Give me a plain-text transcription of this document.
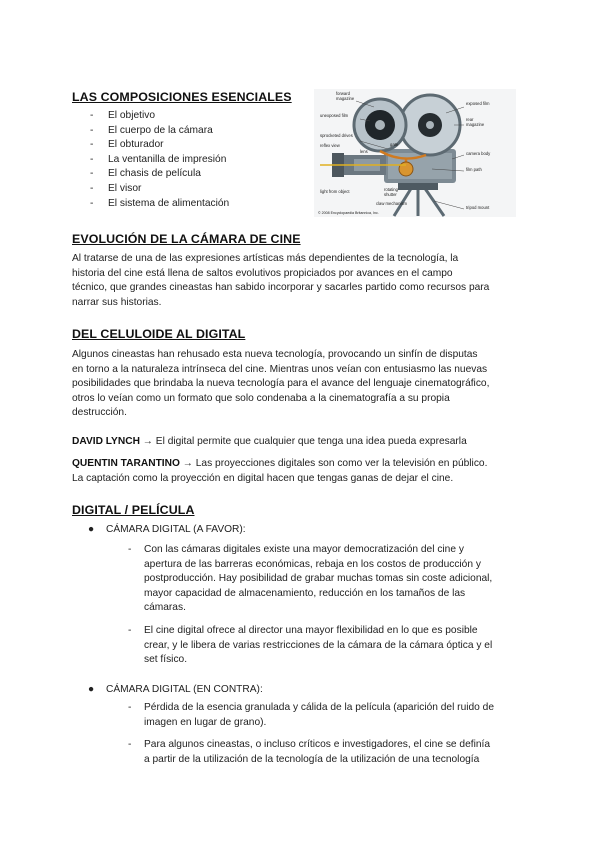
LAS COMPOSICIONES ESENCIALES
- El objetivo
- El cuerpo de la cámara
- El obturador
- La ventanilla de impresión
- El chasis de película
- El visor
- El sistema de alimentación
forward magazine
exposed film
rear magazine
unexposed film
sprocketed drives
reflex view
lens
gate
camera body
film path
rotating shutter
light from object
claw mechanism
tripod mount
© 2008 Encyclopaedia Britannica, Inc.
EVOLUCIÓN DE LA CÁMARA DE CINE
Al tratarse de una de las expresiones artísticas más dependientes de la tecnología, la
historia del cine está llena de saltos evolutivos propiciados por avances en el campo
técnico, que grandes cineastas han sabido incorporar y sacarles partido como recursos para
narrar sus historias.
DEL CELULOIDE AL DIGITAL
Algunos cineastas han rehusado esta nueva tecnología, provocando un sinfín de disputas
en torno a la naturaleza intrínseca del cine. Mientras unos veían con entusiasmo las nuevas
posibilidades que brindaba la nueva tecnología para el avance del lenguaje cinematográfico,
otros lo veían como un formato que solo condenaba a la cinematografía a su propia
destrucción.
DAVID LYNCH → El digital permite que cualquier que tenga una idea pueda expresarla
QUENTIN TARANTINO → Las proyecciones digitales son como ver la televisión en público.
La captación como la proyección en digital hacen que tengas ganas de dejar el cine.
DIGITAL / PELÍCULA
● CÁMARA DIGITAL (A FAVOR):
- Con las cámaras digitales existe una mayor democratización del cine y
apertura de las barreras económicas, rebaja en los costos de producción y
postproducción. Hay posibilidad de grabar muchas tomas sin coste adicional,
mayor capacidad de almacenamiento, reducción en los tamaños de las
cámaras.
- El cine digital ofrece al director una mayor flexibilidad en lo que es posible
crear, y le libera de varias restricciones de la cámara de la cámara óptica y el
set físico.
● CÁMARA DIGITAL (EN CONTRA):
- Pérdida de la esencia granulada y cálida de la película (aparición del ruido de
imagen en lugar de grano).
- Para algunos cineastas, o incluso críticos e investigadores, el cine se definía
a partir de la utilización de la tecnología de la utilización de una tecnología
